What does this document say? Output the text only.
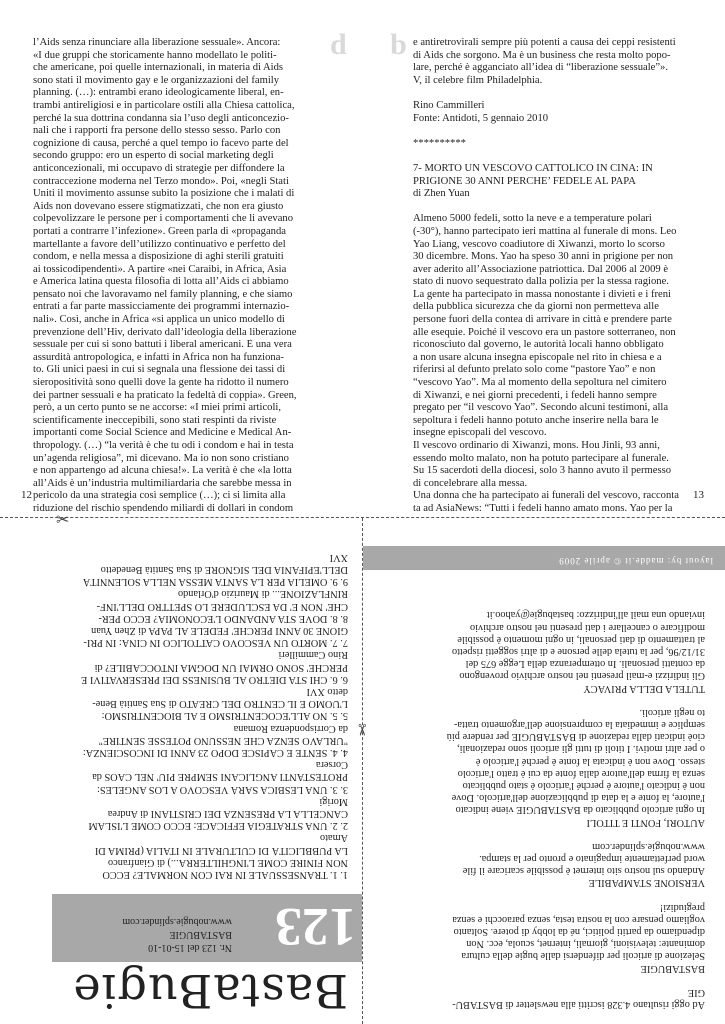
l’Aids senza rinunciare alla liberazione sessuale». Ancora:
«I due gruppi che storicamente hanno modellato le politi-
che americane, poi quelle internazionali, in materia di Aids
sono stati il movimento gay e le organizzazioni del family
planning. (…): entrambi erano ideologicamente liberal, en-
trambi antireligiosi e in particolare ostili alla Chiesa cattolica,
perché la sua dottrina condanna sia l’uso degli anticoncezio-
nali che i rapporti fra persone dello stesso sesso. Parlo con
cognizione di causa, perché a quel tempo io facevo parte del
secondo gruppo: ero un esperto di social marketing degli
anticoncezionali, mi occupavo di strategie per diffondere la
contraccezione moderna nel Terzo mondo». Poi, «negli Stati
Uniti il movimento assunse subito la posizione che i malati di
Aids non dovevano essere stigmatizzati, che non era giusto
colpevolizzare le persone per i comportamenti che li avevano
portati a contrarre l’infezione». Green parla di «propaganda
martellante a favore dell’utilizzo continuativo e perfetto del
condom, e nella messa a disposizione di aghi sterili gratuiti
ai tossicodipendenti». A partire «nei Caraibi, in Africa, Asia
e America latina questa filosofia di lotta all’Aids ci abbiamo
pensato noi che lavoravamo nel family planning, e che siamo
entrati a far parte massicciamente dei programmi internazio-
nali». Così, anche in Africa «si applica un unico modello di
prevenzione dell’Hiv, derivato dall’ideologia della liberazione
sessuale per cui si sono battuti i liberal americani. È una vera
assurdità antropologica, e infatti in Africa non ha funziona-
to. Gli unici paesi in cui si segnala una flessione dei tassi di
sieropositività sono quelli dove la gente ha ridotto il numero
dei partner sessuali e ha praticato la fedeltà di coppia». Green,
però, a un certo punto se ne accorse: «I miei primi articoli,
scientificamente ineccepibili, sono stati respinti da riviste
importanti come Social Science and Medicine e Medical An-
thropology. (…) “la verità è che tu odi i condom e hai in testa
un’agenda religiosa”, mi dicevano. Ma io non sono cristiano
e non appartengo ad alcuna chiesa!». La verità è che «la lotta
all’Aids è un’industria multimiliardaria che sarebbe messa in
pericolo da una strategia così semplice (…); ci si limita alla
riduzione del rischio spendendo miliardi di dollari in condom
12
d b
e antiretrovirali sempre più potenti a causa dei ceppi resistenti
di Aids che sorgono. Ma è un business che resta molto popo-
lare, perché è agganciato all’idea di “liberazione sessuale”».
V, il celebre film Philadelphia.

Rino Cammilleri

Fonte: Antidoti, 5 gennaio 2010

**********

7- MORTO UN VESCOVO CATTOLICO IN CINA: IN
PRIGIONE 30 ANNI PERCHE’ FEDELE AL PAPA

di Zhen Yuan

Almeno 5000 fedeli, sotto la neve e a temperature polari
(-30°), hanno partecipato ieri mattina al funerale di mons. Leo
Yao Liang, vescovo coadiutore di Xiwanzi, morto lo scorso
30 dicembre. Mons. Yao ha speso 30 anni in prigione per non
aver aderito all’Associazione patriottica. Dal 2006 al 2009 è
stato di nuovo sequestrato dalla polizia per la stessa ragione.
La gente ha partecipato in massa nonostante i divieti e i freni
della pubblica sicurezza che da giorni non permetteva alle
persone fuori della contea di arrivare in città e prendere parte
alle esequie. Poiché il vescovo era un pastore sotterraneo, non
riconosciuto dal governo, le autorità locali hanno obbligato
a non usare alcuna insegna episcopale nel rito in chiesa e a
riferirsi al defunto prelato solo come “pastore Yao” e non
“vescovo Yao”. Ma al momento della sepoltura nel cimitero
di Xiwanzi, e nei giorni precedenti, i fedeli hanno sempre
pregato per “il vescovo Yao”. Secondo alcuni testimoni, alla
sepoltura i fedeli hanno potuto anche inserire nella bara le
insegne episcopali del vescovo.
Il vescovo ordinario di Xiwanzi, mons. Hou Jinli, 93 anni,
essendo molto malato, non ha potuto partecipare al funerale.
Su 15 sacerdoti della diocesi, solo 3 hanno avuto il permesso
di concelebrare alla messa.
Una donna che ha partecipato ai funerali del vescovo, racconta
ta ad AsiaNews: “Tutti i fedeli hanno amato mons. Yao per la
13
✂
✂
layout by: madde.it © aprile 2009
Ad oggi risultano 4.328 iscritti alla newsletter di BASTABU-
GIE
BASTABUGIE
Selezione di articoli per difendersi dalle bugie della cultura
dominante: televisioni, giornali, internet, scuola, ecc. Non
dipendiamo da partiti politici, né da lobby di potere. Soltanto
vogliamo pensare con la nostra testa, senza paraocchi e senza
pregiudizi!
VERSIONE STAMPABILE
Andando sul nostro sito internet è possibile scaricare il file
word perfettamente impaginato e pronto per la stampa.
www.nobugie.splinder.com
AUTORI, FONTI E TITOLI
In ogni articolo pubblicato da BASTABUGIE viene indicato
l'autore, la fonte e la data di pubblicazione dell'articolo. Dove
non è indicato l'autore è perché l'articolo è stato pubblicato
senza la firma dell'autore dalla fonte da cui è tratto l'articolo
stesso. Dove non è indicata la fonte è perché l'articolo è
o per altri motivi. I titoli di tutti gli articoli sono redazionali,
cioè indicati dalla redazione di BASTABUGIE per rendere più
semplice e immediata la comprensione dell'argomento tratta-
to negli articoli.
TUTELA DELLA PRIVACY
Gli indirizzi e-mail presenti nel nostro archivio provengono
da contatti personali. In ottemperanza della Legge 675 del
31/12/96, per la tutela delle persone e di altri soggetti rispetto
al trattamento di dati personali, in ogni momento è possibile
modificare o cancellare i dati presenti nel nostro archivio
inviando una mail all'indirizzo: bastabugie@yahoo.it
BastaBugie
123
Nr. 123 del 15-01-10
BASTABUGIE
www.nobugie.splinder.com
1. 1. TRANSESSUALE IN RAI CON NORMALE? ECCO
NON FINIRE COME L'INGHILTERRA...) di Gianfranco
LA PUBBLICITÀ DI CULTURALE IN ITALIA (PRIMA DI
Amato
2. 2. UNA STRATEGIA EFFICACE: ECCO COME L'ISLAM
CANCELLA LA PRESENZA DEI CRISTIANI di Andrea
Morigi
3. 3. UNA LESBICA SARÀ VESCOVO A LOS ANGELES:
PROTESTANTI ANGLICANI SEMPRE PIU' NEL CAOS da
Corsera
4. 4. SENTE E CAPISCE DOPO 23 ANNI DI INCOSCIENZA:
"URLAVO SENZA CHE NESSUNO POTESSE SENTIRE"
da Corrispondenza Romana
5. 5. NO ALL'ECOCENTRISMO E AL BIOCENTRISMO:
L'UOMO È IL CENTRO DEL CREATO di Sua Santità Bene-
detto XVI
6. 6. CHI STA DIETRO AL BUSINESS DEI PRESERVATIVI E
PERCHE' SONO ORMAI UN DOGMA INTOCCABILE? di
Rino Cammilleri
7. 7. MORTO UN VESCOVO CATTOLICO IN CINA: IN PRI-
GIONE 30 ANNI PERCHE' FEDELE AL PAPA di Zhen Yuan
8. 8. DOVE STA ANDANDO L'ECONOMIA? ECCO PER-
CHE' NON E' DA ESCLUDERE LO SPETTRO DELL'INF-
RINFLAZIONE... di Maurizio d'Orlando
9. 9. OMELIA PER LA SANTA MESSA NELLA SOLENNITÀ
DELL'EPIFANIA DEL SIGNORE di Sua Santità Benedetto
XVI
